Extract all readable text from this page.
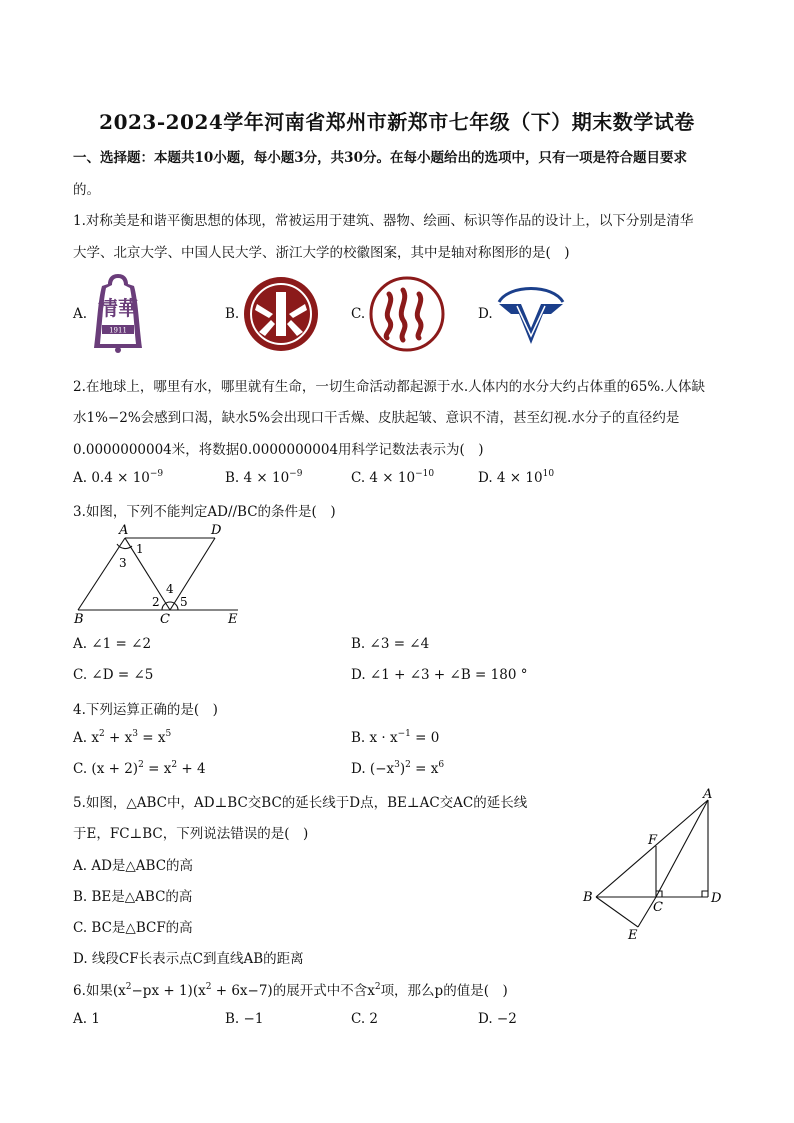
2023-2024学年河南省郑州市新郑市七年级（下）期末数学试卷
一、选择题：本题共10小题，每小题3分，共30分。在每小题给出的选项中，只有一项是符合题目要求
的。
1.对称美是和谐平衡思想的体现，常被运用于建筑、器物、绘画、标识等作品的设计上，以下分别是清华
大学、北京大学、中国人民大学、浙江大学的校徽图案，其中是轴对称图形的是(　)
A. 清華
1911
B.	C.	D.
2.在地球上，哪里有水，哪里就有生命，一切生命活动都起源于水.人体内的水分大约占体重的65%.人体缺
水1%−2%会感到口渴，缺水5%会出现口干舌燥、皮肤起皱、意识不清，甚至幻视.水分子的直径约是
0.0000000004米，将数据0.0000000004用科学记数法表示为(　)
A. $0.4 \times 10^{-9}$	B. $4 \times 10^{-9}$	C. $4 \times 10^{-10}$	D. $4 \times 10^{10}$
3.如图，下列不能判定AD//BC的条件是(　)
A	D
B	C	E
1
3
4
2 5
A. ∠1 = ∠2	B. ∠3 = ∠4
C. ∠D = ∠5	D. ∠1 + ∠3 + ∠B = 180 °
4.下列运算正确的是(　)
A. $x^2 + x^3 = x^5$	B. $x \cdot x^{-1} = 0$
C. $(x + 2)^2 = x^2 + 4$	D. $(-x^3)^2 = x^6$
5.如图，△ABC中，AD⊥BC交BC的延长线于D点，BE⊥AC交AC的延长线
于E，FC⊥BC，下列说法错误的是(　)
A. AD是△ABC的高
B. BE是△ABC的高
C. BC是△BCF的高
D. 线段CF长表示点C到直线AB的距离
A
F
B
C
D
E
6.如果$(x^2-px + 1)(x^2 + 6x-7)$的展开式中不含$x^2$项，那么p的值是(　)
A. 1	B. −1	C. 2	D. −2
